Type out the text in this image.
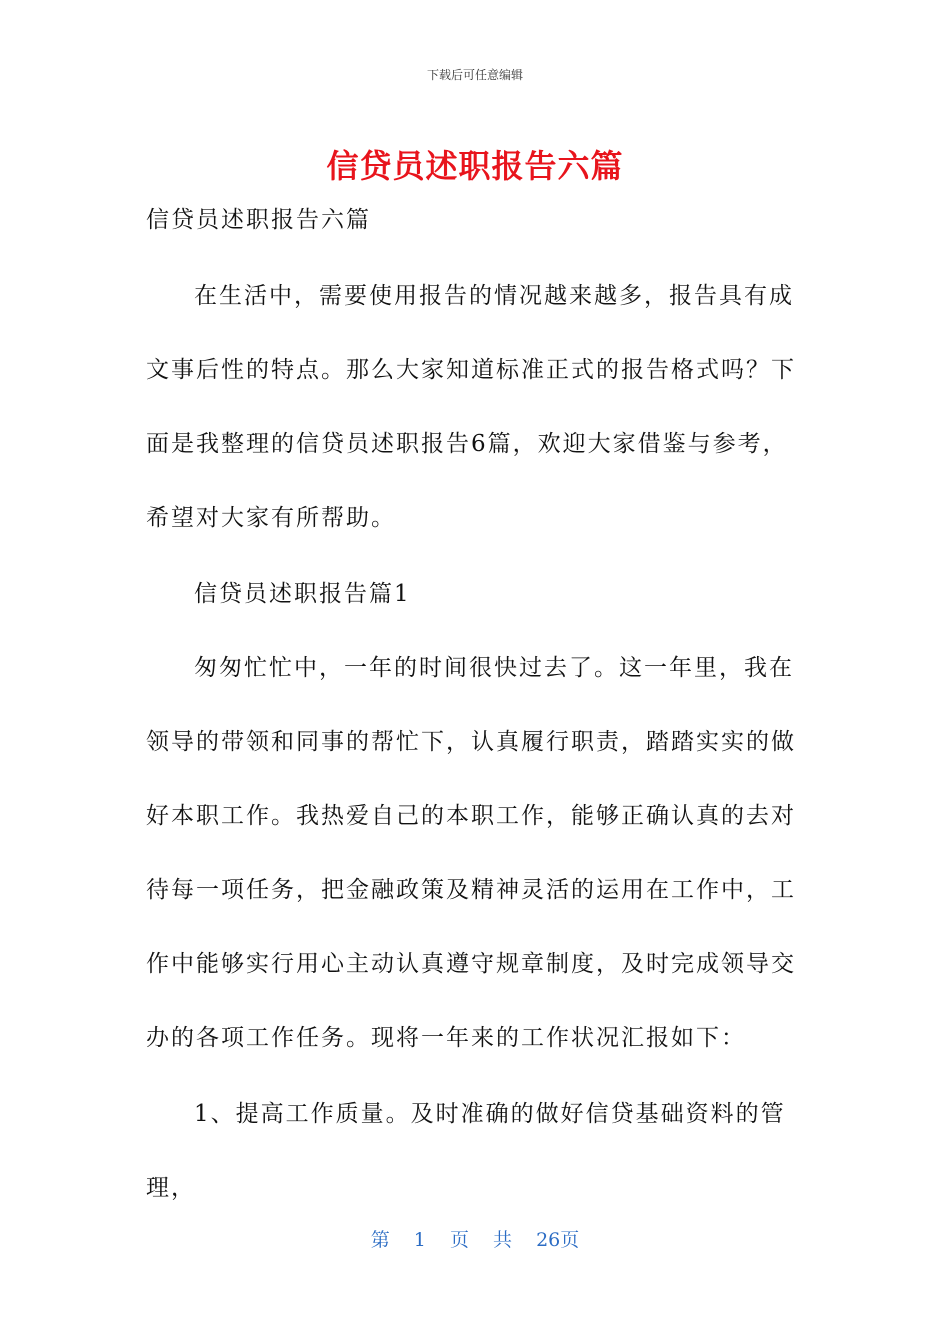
下载后可任意编辑
信贷员述职报告六篇

信贷员述职报告六篇

在生活中，需要使用报告的情况越来越多，报告具有成文事后性的特点。那么大家知道标准正式的报告格式吗？下面是我整理的信贷员述职报告6篇，欢迎大家借鉴与参考，希望对大家有所帮助。

信贷员述职报告篇1

匆匆忙忙中，一年的时间很快过去了。这一年里，我在领导的带领和同事的帮忙下，认真履行职责，踏踏实实的做好本职工作。我热爱自己的本职工作，能够正确认真的去对待每一项任务，把金融政策及精神灵活的运用在工作中，工作中能够实行用心主动认真遵守规章制度，及时完成领导交办的各项工作任务。现将一年来的工作状况汇报如下：

1、提高工作质量。及时准确的做好信贷基础资料的管理，

第 1 页 共 26页
